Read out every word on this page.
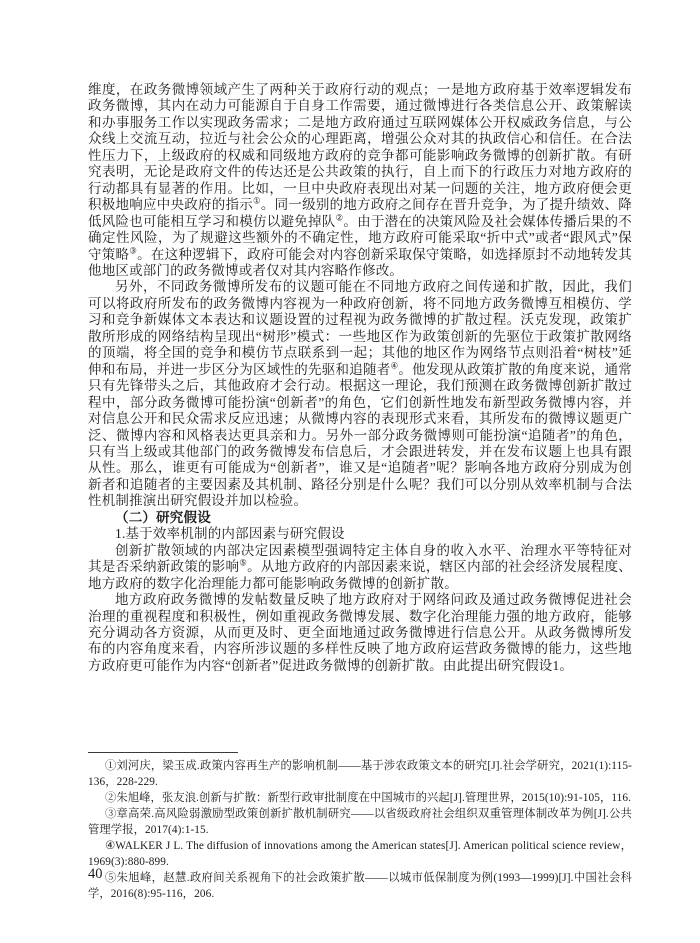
维度，在政务微博领域产生了两种关于政府行动的观点；一是地方政府基于效率逻辑发布政务微博，其内在动力可能源自于自身工作需要，通过微博进行各类信息公开、政策解读和办事服务工作以实现政务需求；二是地方政府通过互联网媒体公开权威政务信息，与公众线上交流互动，拉近与社会公众的心理距离，增强公众对其的执政信心和信任。在合法性压力下，上级政府的权威和同级地方政府的竞争都可能影响政务微博的创新扩散。有研究表明，无论是政府文件的传达还是公共政策的执行，自上而下的行政压力对地方政府的行动都具有显著的作用。比如，一旦中央政府表现出对某一问题的关注，地方政府便会更积极地响应中央政府的指示①。同一级别的地方政府之间存在晋升竞争，为了提升绩效、降低风险也可能相互学习和模仿以避免掉队②。由于潜在的决策风险及社会媒体传播后果的不确定性风险，为了规避这些额外的不确定性，地方政府可能采取“折中式”或者“跟风式”保守策略③。在这种逻辑下，政府可能会对内容创新采取保守策略，如选择原封不动地转发其他地区或部门的政务微博或者仅对其内容略作修改。

另外，不同政务微博所发布的议题可能在不同地方政府之间传递和扩散，因此，我们可以将政府所发布的政务微博内容视为一种政府创新，将不同地方政务微博互相模仿、学习和竞争新媒体文本表达和议题设置的过程视为政务微博的扩散过程。沃克发现，政策扩散所形成的网络结构呈现出“树形”模式：一些地区作为政策创新的先驱位于政策扩散网络的顶端，将全国的竞争和模仿节点联系到一起；其他的地区作为网络节点则沿着“树枝”延伸和布局，并进一步区分为区域性的先驱和追随者④。他发现从政策扩散的角度来说，通常只有先锋带头之后，其他政府才会行动。根据这一理论，我们预测在政务微博创新扩散过程中，部分政务微博可能扮演“创新者”的角色，它们创新性地发布新型政务微博内容，并对信息公开和民众需求反应迅速；从微博内容的表现形式来看，其所发布的微博议题更广泛、微博内容和风格表达更具亲和力。另外一部分政务微博则可能扮演“追随者”的角色，只有当上级或其他部门的政务微博发布信息后，才会跟进转发，并在发布议题上也具有跟从性。那么，谁更有可能成为“创新者”，谁又是“追随者”呢？影响各地方政府分别成为创新者和追随者的主要因素及其机制、路径分别是什么呢？我们可以分别从效率机制与合法性机制推演出研究假设并加以检验。

（二）研究假设

1.基于效率机制的内部因素与研究假设

创新扩散领域的内部决定因素模型强调特定主体自身的收入水平、治理水平等特征对其是否采纳新政策的影响⑤。从地方政府的内部因素来说，辖区内部的社会经济发展程度、地方政府的数字化治理能力都可能影响政务微博的创新扩散。

地方政府政务微博的发帖数量反映了地方政府对于网络问政及通过政务微博促进社会治理的重视程度和积极性，例如重视政务微博发展、数字化治理能力强的地方政府，能够充分调动各方资源，从而更及时、更全面地通过政务微博进行信息公开。从政务微博所发布的内容角度来看，内容所涉议题的多样性反映了地方政府运营政务微博的能力，这些地方政府更可能作为内容“创新者”促进政务微博的创新扩散。由此提出研究假设1。

①刘河庆，梁玉成.政策内容再生产的影响机制——基于涉农政策文本的研究[J].社会学研究，2021(1):115-136，228-229.

②朱旭峰，张友浪.创新与扩散：新型行政审批制度在中国城市的兴起[J].管理世界，2015(10):91-105，116.

③章高荣.高风险弱激励型政策创新扩散机制研究——以省级政府社会组织双重管理体制改革为例[J].公共管理学报，2017(4):1-15.

④WALKER J L. The diffusion of innovations among the American states[J]. American political science review，1969(3):880-899.

⑤朱旭峰，赵慧.政府间关系视角下的社会政策扩散——以城市低保制度为例(1993—1999)[J].中国社会科学，2016(8):95-116，206.

40
